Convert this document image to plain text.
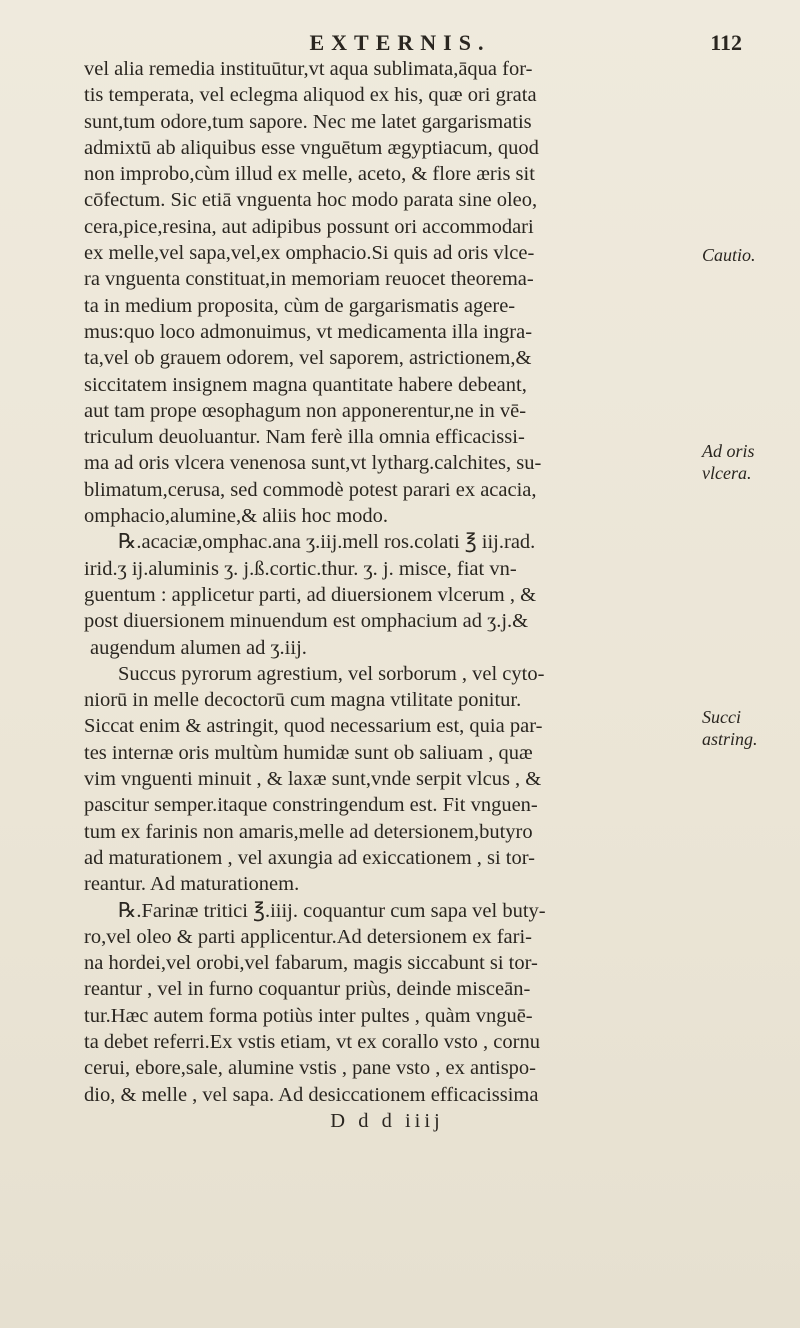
EXTERNIS.	112
vel alia remedia instituūtur,vt aqua sublimata,āqua for-
tis temperata, vel eclegma aliquod ex his, quæ ori grata
sunt,tum odore,tum sapore. Nec me latet gargarismatis
admixtū ab aliquibus esse vnguētum ægyptiacum, quod
non improbo,cùm illud ex melle, aceto, & flore æris sit
cōfectum. Sic etiā vnguenta hoc modo parata sine oleo,
cera,pice,resina, aut adipibus possunt ori accommodari
ex melle,vel sapa,vel,ex omphacio.Si quis ad oris vlce-
ra vnguenta constituat,in memoriam reuocet theorema-
ta in medium proposita, cùm de gargarismatis agere-
mus:quo loco admonuimus, vt medicamenta illa ingra-
ta,vel ob grauem odorem, vel saporem, astrictionem,&
siccitatem insignem magna quantitate habere debeant,
aut tam prope œsophagum non apponerentur,ne in vē-
triculum deuoluantur. Nam ferè illa omnia efficacissi-
ma ad oris vlcera venenosa sunt,vt lytharg.calchites, su-
blimatum,cerusa, sed commodè potest parari ex acacia,
omphacio,alumine,& aliis hoc modo.
℞.acaciæ,omphac.ana ʒ.iij.mell ros.colati ℥ iij.rad.
irid.ʒ ij.aluminis ʒ. j.ß.cortic.thur. ʒ. j. misce, fiat vn-
guentum : applicetur parti, ad diuersionem vlcerum , &
post diuersionem minuendum est omphacium ad ʒ.j.&
augendum alumen ad ʒ.iij.
Succus pyrorum agrestium, vel sorborum , vel cyto-
niorū in melle decoctorū cum magna vtilitate ponitur.
Siccat enim & astringit, quod necessarium est, quia par-
tes internæ oris multùm humidæ sunt ob saliuam , quæ
vim vnguenti minuit , & laxæ sunt,vnde serpit vlcus , &
pascitur semper.itaque constringendum est. Fit vnguen-
tum ex farinis non amaris,melle ad detersionem,butyro
ad maturationem , vel axungia ad exiccationem , si tor-
reantur. Ad maturationem.
℞.Farinæ tritici ℥.iiij. coquantur cum sapa vel buty-
ro,vel oleo & parti applicentur.Ad detersionem ex fari-
na hordei,vel orobi,vel fabarum, magis siccabunt si tor-
reantur , vel in furno coquantur priùs, deinde misceān-
tur.Hæc autem forma potiùs inter pultes , quàm vnguē-
ta debet referri.Ex vstis etiam, vt ex corallo vsto , cornu
cerui, ebore,sale, alumine vstis , pane vsto , ex antispo-
dio, & melle , vel sapa. Ad desiccationem efficacissima
D d d iiij
Cautio.
Ad oris vlcera.
Succi astring.
